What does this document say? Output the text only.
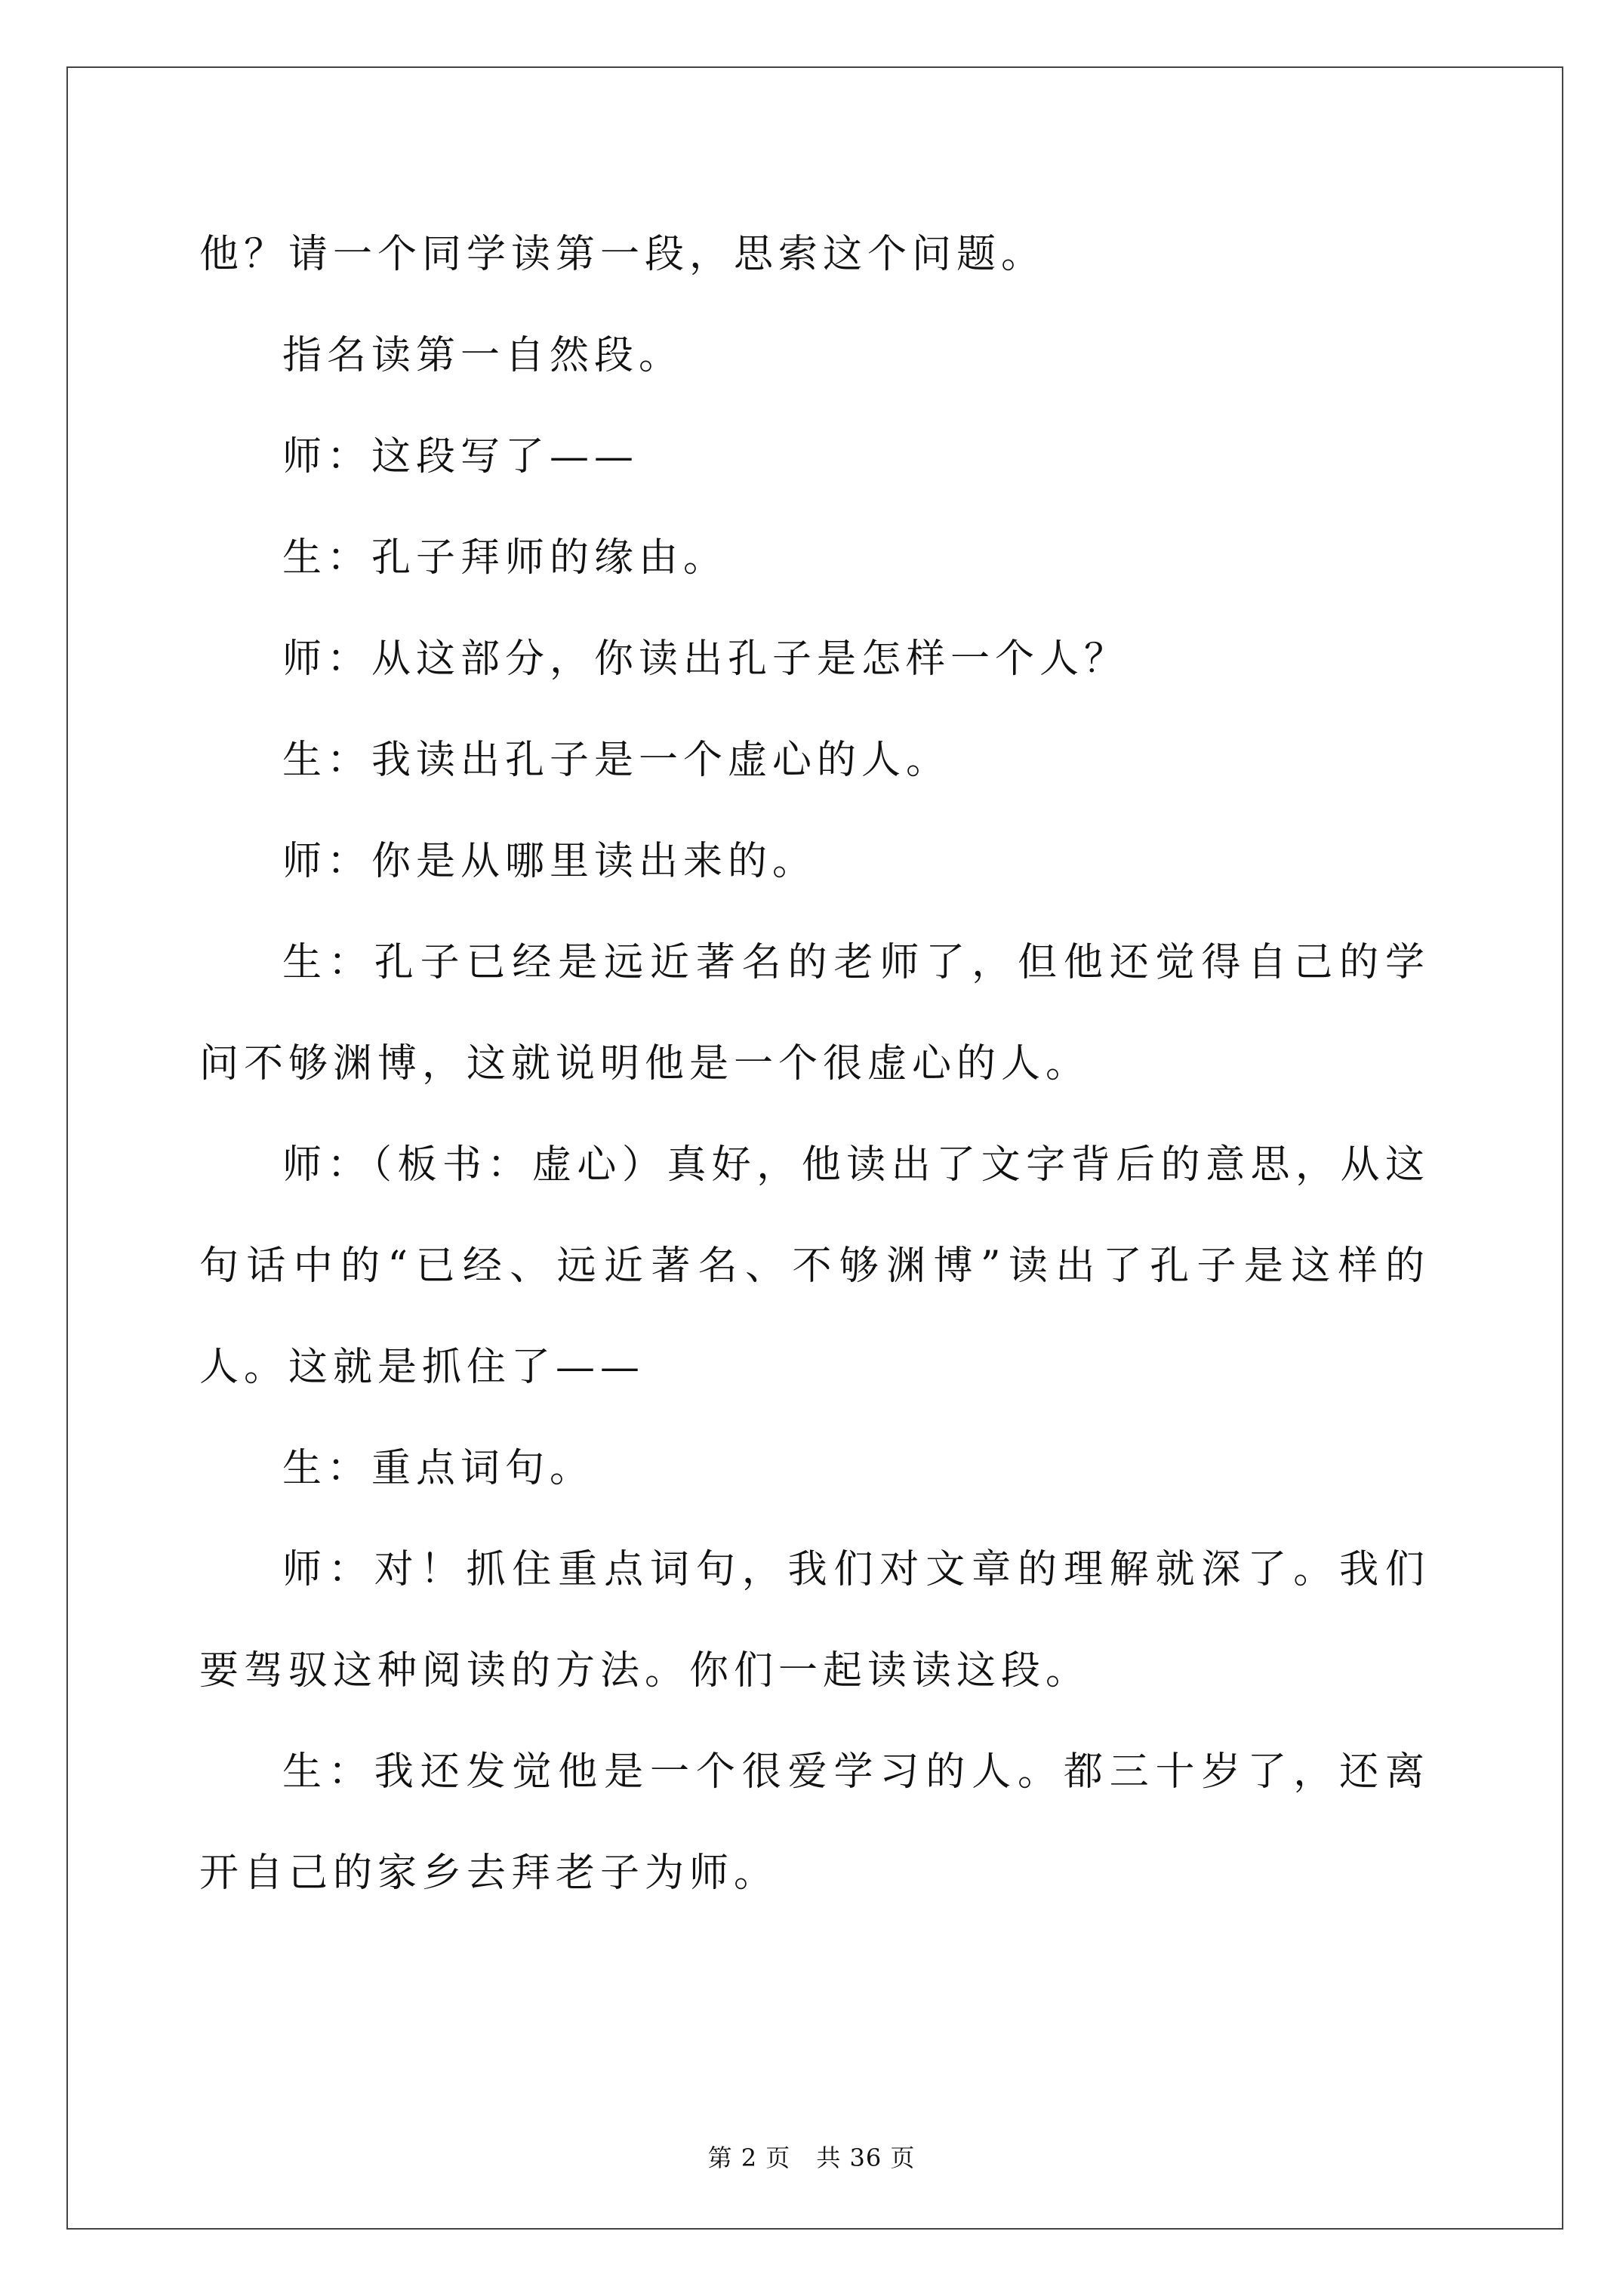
他？请一个同学读第一段，思索这个问题。

指名读第一自然段。

师：这段写了——

生：孔子拜师的缘由。

师：从这部分，你读出孔子是怎样一个人？

生：我读出孔子是一个虚心的人。

师：你是从哪里读出来的。

生：孔子已经是远近著名的老师了，但他还觉得自己的学问不够渊博，这就说明他是一个很虚心的人。

师：（板书：虚心）真好，他读出了文字背后的意思，从这句话中的“已经、远近著名、不够渊博”读出了孔子是这样的人。这就是抓住了——

生：重点词句。

师：对！抓住重点词句，我们对文章的理解就深了。我们要驾驭这种阅读的方法。你们一起读读这段。

生：我还发觉他是一个很爱学习的人。都三十岁了，还离开自己的家乡去拜老子为师。

第 2 页 共 36 页
